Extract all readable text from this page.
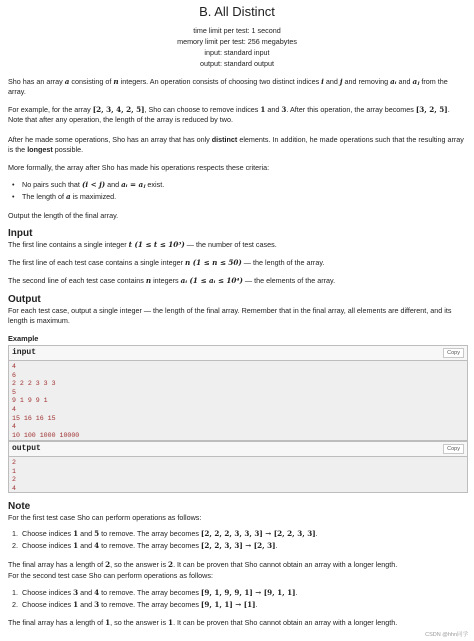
B. All Distinct
time limit per test: 1 second
memory limit per test: 256 megabytes
input: standard input
output: standard output
Sho has an array a consisting of n integers. An operation consists of choosing two distinct indices i and j and removing aᵢ and aⱼ from the array.
For example, for the array [2, 3, 4, 2, 5], Sho can choose to remove indices 1 and 3. After this operation, the array becomes [3, 2, 5]. Note that after any operation, the length of the array is reduced by two.
After he made some operations, Sho has an array that has only distinct elements. In addition, he made operations such that the resulting array is the longest possible.
More formally, the array after Sho has made his operations respects these criteria:
• No pairs such that (i < j) and aᵢ = aⱼ exist.
• The length of a is maximized.
Output the length of the final array.
Input
The first line contains a single integer t (1 ≤ t ≤ 10³) — the number of test cases.
The first line of each test case contains a single integer n (1 ≤ n ≤ 50) — the length of the array.
The second line of each test case contains n integers aᵢ (1 ≤ aᵢ ≤ 10⁴) — the elements of the array.
Output
For each test case, output a single integer — the length of the final array. Remember that in the final array, all elements are different, and its length is maximum.
Example
input	Copy
4
6
2 2 2 3 3 3
5
9 1 9 9 1
4
15 16 16 15
4
10 100 1000 10000
output	Copy
2
1
2
4
Note
For the first test case Sho can perform operations as follows:
1. Choose indices 1 and 5 to remove. The array becomes [2, 2, 2, 3, 3, 3] → [2, 2, 3, 3].
2. Choose indices 1 and 4 to remove. The array becomes [2, 2, 3, 3] → [2, 3].
The final array has a length of 2, so the answer is 2. It can be proven that Sho cannot obtain an array with a longer length.
For the second test case Sho can perform operations as follows:
1. Choose indices 3 and 4 to remove. The array becomes [9, 1, 9, 9, 1] → [9, 1, 1].
2. Choose indices 1 and 3 to remove. The array becomes [9, 1, 1] → [1].
The final array has a length of 1, so the answer is 1. It can be proven that Sho cannot obtain an array with a longer length.
CSDN @hhn同学
